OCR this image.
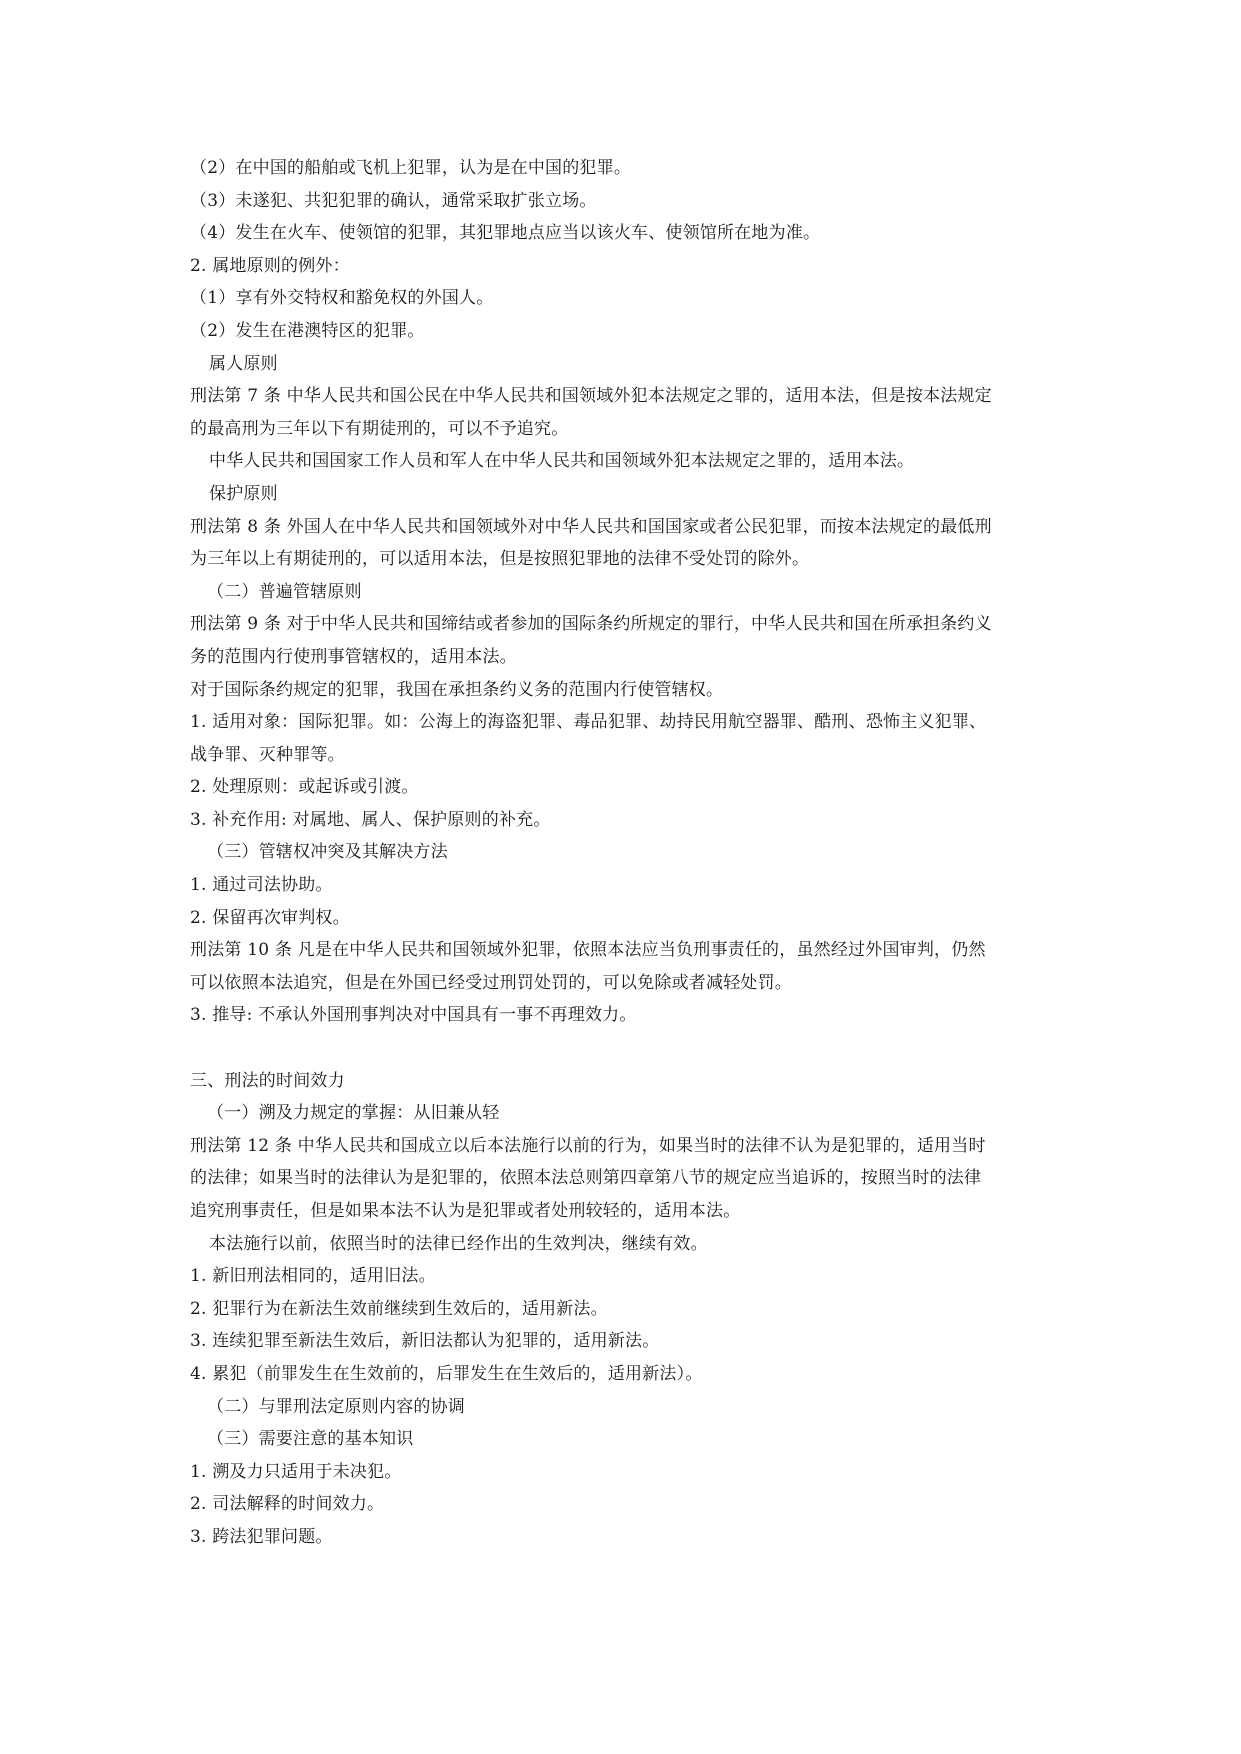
（2）在中国的船舶或飞机上犯罪，认为是在中国的犯罪。
（3）未遂犯、共犯犯罪的确认，通常采取扩张立场。
（4）发生在火车、使领馆的犯罪，其犯罪地点应当以该火车、使领馆所在地为准。
2. 属地原则的例外：
（1）享有外交特权和豁免权的外国人。
（2）发生在港澳特区的犯罪。
属人原则
刑法第 7 条 中华人民共和国公民在中华人民共和国领域外犯本法规定之罪的，适用本法，但是按本法规定
的最高刑为三年以下有期徒刑的，可以不予追究。
中华人民共和国国家工作人员和军人在中华人民共和国领域外犯本法规定之罪的，适用本法。
保护原则
刑法第 8 条 外国人在中华人民共和国领域外对中华人民共和国国家或者公民犯罪，而按本法规定的最低刑
为三年以上有期徒刑的，可以适用本法，但是按照犯罪地的法律不受处罚的除外。
（二）普遍管辖原则
刑法第 9 条 对于中华人民共和国缔结或者参加的国际条约所规定的罪行，中华人民共和国在所承担条约义
务的范围内行使刑事管辖权的，适用本法。
对于国际条约规定的犯罪，我国在承担条约义务的范围内行使管辖权。
1. 适用对象：国际犯罪。如：公海上的海盗犯罪、毒品犯罪、劫持民用航空器罪、酷刑、恐怖主义犯罪、
战争罪、灭种罪等。
2. 处理原则：或起诉或引渡。
3. 补充作用: 对属地、属人、保护原则的补充。
（三）管辖权冲突及其解决方法
1. 通过司法协助。
2. 保留再次审判权。
刑法第 10 条 凡是在中华人民共和国领域外犯罪，依照本法应当负刑事责任的，虽然经过外国审判，仍然
可以依照本法追究，但是在外国已经受过刑罚处罚的，可以免除或者减轻处罚。
3. 推导: 不承认外国刑事判决对中国具有一事不再理效力。
三、刑法的时间效力
（一）溯及力规定的掌握：从旧兼从轻
刑法第 12 条 中华人民共和国成立以后本法施行以前的行为，如果当时的法律不认为是犯罪的，适用当时
的法律；如果当时的法律认为是犯罪的，依照本法总则第四章第八节的规定应当追诉的，按照当时的法律
追究刑事责任，但是如果本法不认为是犯罪或者处刑较轻的，适用本法。
本法施行以前，依照当时的法律已经作出的生效判决，继续有效。
1. 新旧刑法相同的，适用旧法。
2. 犯罪行为在新法生效前继续到生效后的，适用新法。
3. 连续犯罪至新法生效后，新旧法都认为犯罪的，适用新法。
4. 累犯（前罪发生在生效前的，后罪发生在生效后的，适用新法）。
（二）与罪刑法定原则内容的协调
（三）需要注意的基本知识
1. 溯及力只适用于未决犯。
2. 司法解释的时间效力。
3. 跨法犯罪问题。
